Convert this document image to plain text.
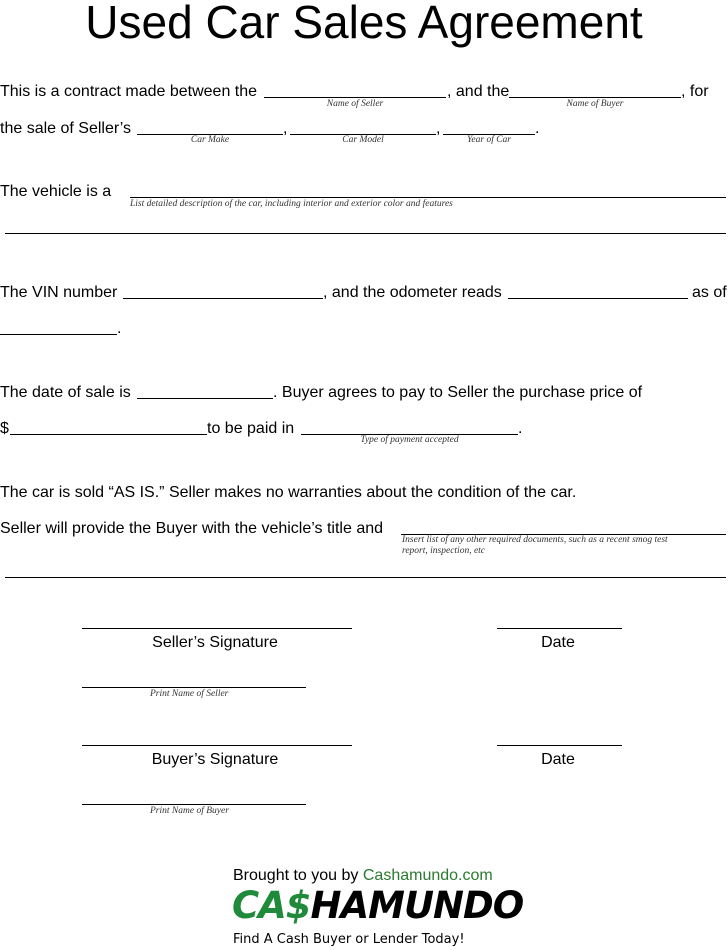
Used Car Sales Agreement
This is a contract made between the
Name of Seller
, and the
Name of Buyer
, for
the sale of Seller’s
Car Make
,
Car Model
,
Year of Car
.
The vehicle is a
List detailed description of the car, including interior and exterior color and features
The VIN number	, and the odometer reads	as of
.
The date of sale is	. Buyer agrees to pay to Seller the purchase price of
$	to be paid in
Type of payment accepted
.
The car is sold “AS IS.” Seller makes no warranties about the condition of the car.
Seller will provide the Buyer with the vehicle’s title and
Insert list of any other required documents, such as a recent smog test
report, inspection, etc
Seller’s Signature	Date
Print Name of Seller
Buyer’s Signature	Date
Print Name of Buyer
Brought to you by Cashamundo.com
CA$HAMUNDO
Find A Cash Buyer or Lender Today!
